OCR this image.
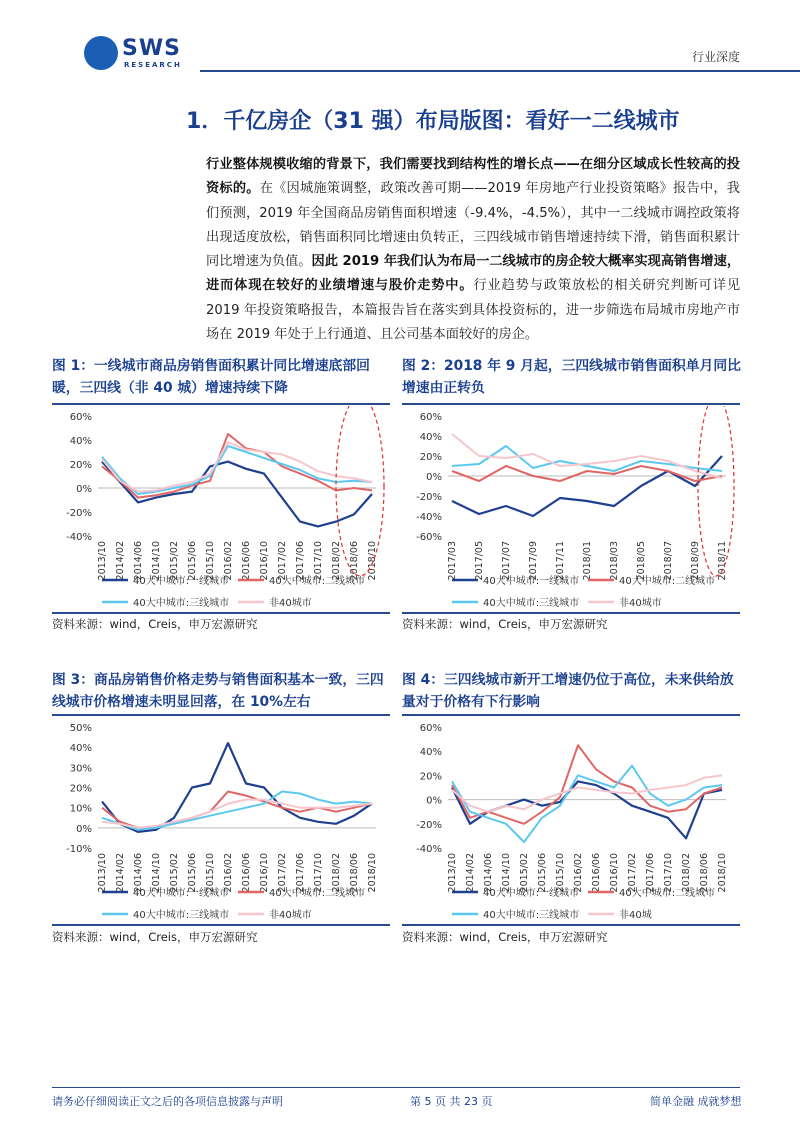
SWS
RESEARCH
行业深度
1．千亿房企（31 强）布局版图：看好一二线城市
行业整体规模收缩的背景下，我们需要找到结构性的增长点——在细分区域成长性较高的投资标的。在《因城施策调整，政策改善可期——2019 年房地产行业投资策略》报告中，我们预测，2019 年全国商品房销售面积增速（-9.4%，-4.5%），其中一二线城市调控政策将出现适度放松，销售面积同比增速由负转正，三四线城市销售增速持续下滑，销售面积累计同比增速为负值。因此 2019 年我们认为布局一二线城市的房企较大概率实现高销售增速，进而体现在较好的业绩增速与股价走势中。行业趋势与政策放松的相关研究判断可详见 2019 年投资策略报告，本篇报告旨在落实到具体投资标的，进一步筛选布局城市房地产市场在 2019 年处于上行通道、且公司基本面较好的房企。
图 1：一线城市商品房销售面积累计同比增速底部回暖，三四线（非 40 城）增速持续下降
图 2：2018 年 9 月起，三四线城市销售面积单月同比增速由正转负
图 3：商品房销售价格走势与销售面积基本一致，三四线城市价格增速未明显回落，在 10%左右
图 4：三四线城市新开工增速仍位于高位，未来供给放量对于价格有下行影响
60%
40%
20%
0%
-20%
-40%
2013/10 2014/02 2014/06 2014/10 2015/02 2015/06 2015/10 2016/02 2016/06 2016/10 2017/02 2017/06 2017/10 2018/02 2018/06 2018/10
40大中城市:一线城市	40大中城市:二线城市
40大中城市:三线城市	非40城市
60%
40%
20%
0%
-20%
-40%
-60%
2017/03 2017/05 2017/07 2017/09 2017/11 2018/01 2018/03 2018/05 2018/07 2018/09 2018/11
40大中城市:一线城市	40大中城市:二线城市
40大中城市:三线城市	非40城市
50%
40%
30%
20%
10%
0%
-10%
2013/10 2014/02 2014/06 2014/10 2015/02 2015/06 2015/10 2016/02 2016/06 2016/10 2017/02 2017/06 2017/10 2018/02 2018/06 2018/10
40大中城市:一线城市	40大中城市:二线城市
40大中城市:三线城市	非40城市
60%
40%
20%
0%
-20%
-40%
2013/10 2014/02 2014/06 2014/10 2015/02 2015/06 2015/10 2016/02 2016/06 2016/10 2017/02 2017/06 2017/10 2018/02 2018/06 2018/10
40大中城市:一线城市	40大中城市:二线城市
40大中城市:三线城市	非40城
资料来源：wind，Creis，申万宏源研究	资料来源：wind，Creis，申万宏源研究
资料来源：wind，Creis，申万宏源研究	资料来源：wind，Creis，申万宏源研究
请务必仔细阅读正文之后的各项信息披露与声明	第 5 页 共 23 页	简单金融 成就梦想
